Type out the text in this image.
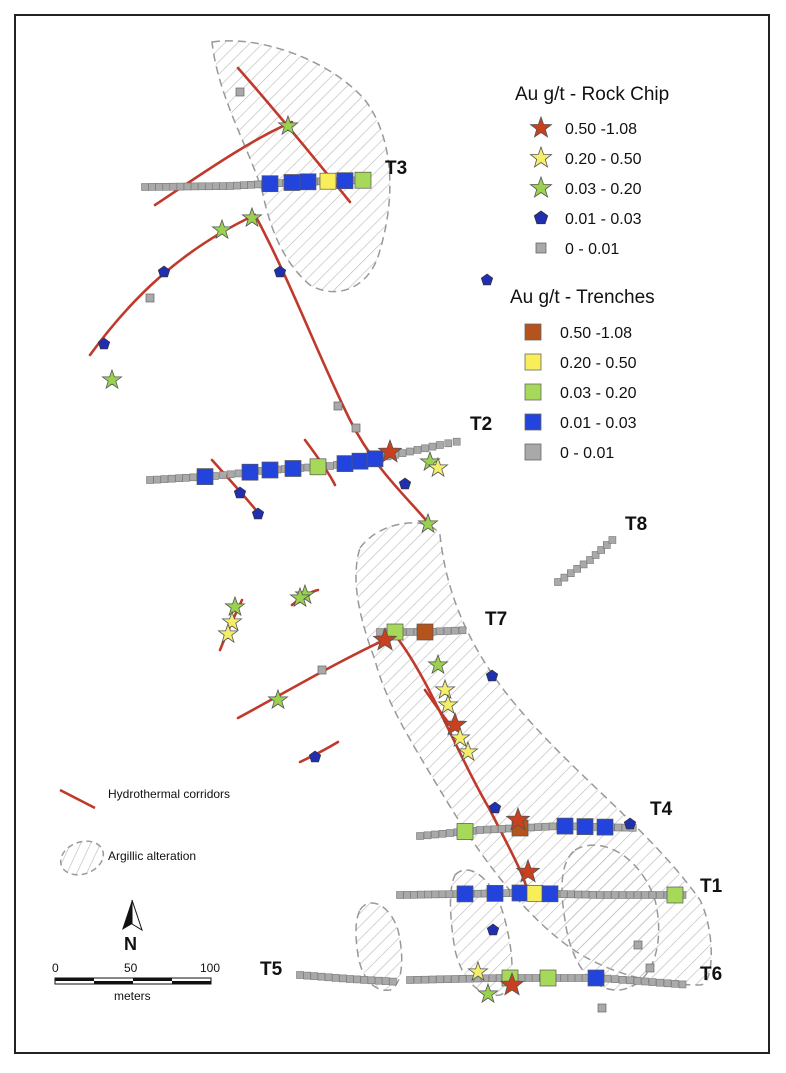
T3
T2
T8
T7
T4
T1
T5	T6
Au g/t - Rock Chip
0.50 -1.08
0.20 - 0.50
0.03 - 0.20
0.01 - 0.03
0 - 0.01
Au g/t - Trenches
0.50 -1.08
0.20 - 0.50
0.03 - 0.20
0.01 - 0.03
0 - 0.01
Hydrothermal corridors
Argillic alteration
N
0	50	100
meters
